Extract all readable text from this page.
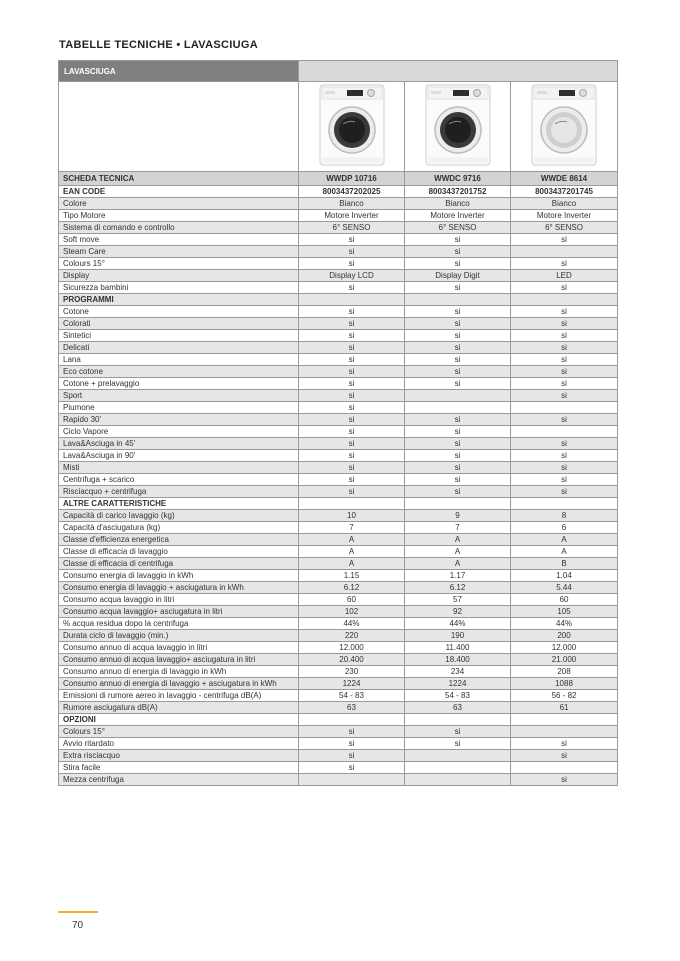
TABELLE TECNICHE • LAVASCIUGA
LAVASCIUGA			

SCHEDA TECNICA	WWDP 10716	WWDC 9716	WWDE 8614
EAN CODE	8003437202025	8003437201752	8003437201745
Colore	Bianco	Bianco	Bianco
Tipo Motore	Motore Inverter	Motore Inverter	Motore Inverter
Sistema di comando e controllo	6° SENSO	6° SENSO	6° SENSO
Soft move	si	si	si
Steam Care	si	si	
Colours 15°	si	si	si
Display	Display LCD	Display Digit	LED
Sicurezza bambini	si	si	si
PROGRAMMI			
Cotone	si	si	si
Colorati	si	si	si
Sintetici	si	si	si
Delicati	si	si	si
Lana	si	si	si
Eco cotone	si	si	si
Cotone + prelavaggio	si	si	si
Sport	si		si
Piumone	si		
Rapido 30'	si	si	si
Ciclo Vapore	si	si	
Lava&Asciuga in 45'	si	si	si
Lava&Asciuga in 90'	si	si	si
Misti	si	si	si
Centrifuga + scarico	si	si	si
Risciacquo + centrifuga	si	si	si
ALTRE CARATTERISTICHE			
Capacità di carico lavaggio (kg)	10	9	8
Capacità d'asciugatura (kg)	7	7	6
Classe d'efficienza energetica	A	A	A
Classe di efficacia di lavaggio	A	A	A
Classe di efficacia di centrifuga	A	A	B
Consumo energia di lavaggio in kWh	1.15	1.17	1.04
Consumo energia di lavaggio + asciugatura in kWh	6.12	6.12	5.44
Consumo acqua lavaggio in litri	60	57	60
Consumo acqua lavaggio+ asciugatura in litri	102	92	105
% acqua residua dopo la centrifuga	44%	44%	44%
Durata ciclo di lavaggio (min.)	220	190	200
Consumo annuo di acqua lavaggio in litri	12.000	11.400	12.000
Consumo annuo di acqua lavaggio+ asciugatura in litri	20.400	18.400	21.000
Consumo annuo di energia di lavaggio in kWh	230	234	208
Consumo annuo di energia di lavaggio + asciugatura in kWh	1224	1224	1088
Emissioni di rumore aereo in lavaggio - centrifuga dB(A)	54 - 83	54 - 83	56 - 82
Rumore asciugatura dB(A)	63	63	61
OPZIONI			
Colours 15°	si	si	
Avvio ritardato	si	si	si
Extra risciacquo	si		si
Stira facile	si		
Mezza centrifuga			si
70
